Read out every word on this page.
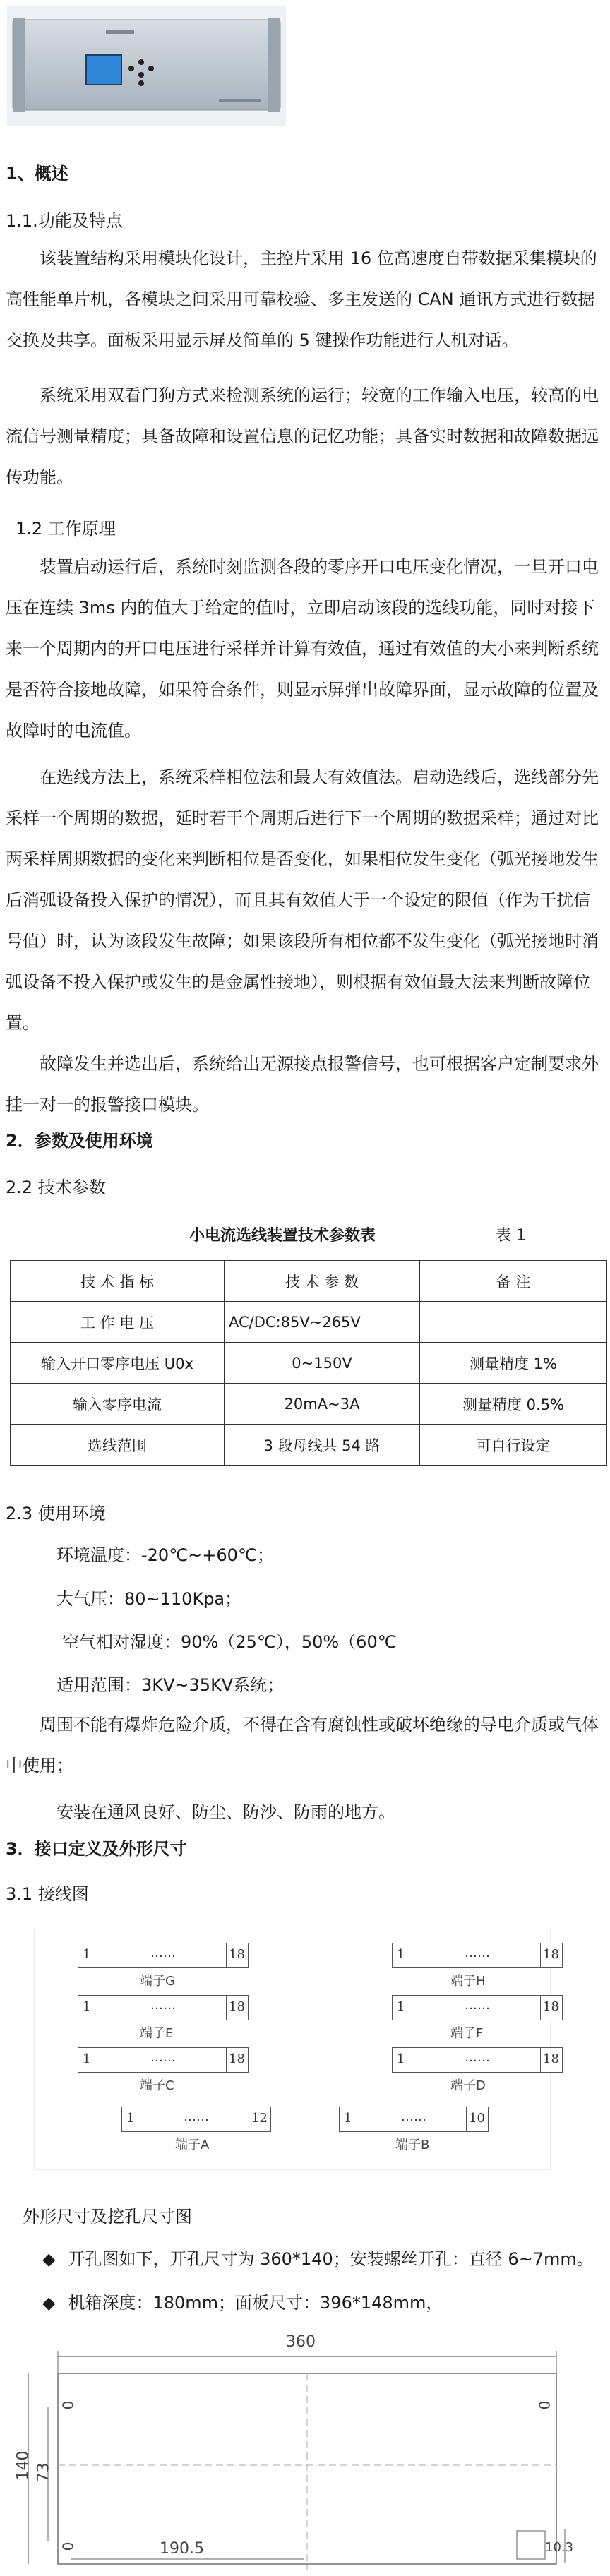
1、概述
1.1.功能及特点

该装置结构采用模块化设计，主控片采用 16 位高速度自带数据采集模块的高性能单片机，各模块之间采用可靠校验、多主发送的 CAN 通讯方式进行数据交换及共享。面板采用显示屏及简单的 5 键操作功能进行人机对话。

系统采用双看门狗方式来检测系统的运行；较宽的工作输入电压，较高的电流信号测量精度；具备故障和设置信息的记忆功能；具备实时数据和故障数据远传功能。

1.2 工作原理

装置启动运行后，系统时刻监测各段的零序开口电压变化情况，一旦开口电压在连续 3ms 内的值大于给定的值时，立即启动该段的选线功能，同时对接下来一个周期内的开口电压进行采样并计算有效值，通过有效值的大小来判断系统是否符合接地故障，如果符合条件，则显示屏弹出故障界面，显示故障的位置及故障时的电流值。

在选线方法上，系统采样相位法和最大有效值法。启动选线后，选线部分先采样一个周期的数据，延时若干个周期后进行下一个周期的数据采样；通过对比两采样周期数据的变化来判断相位是否变化，如果相位发生变化（弧光接地发生后消弧设备投入保护的情况），而且其有效值大于一个设定的限值（作为干扰信号值）时，认为该段发生故障；如果该段所有相位都不发生变化（弧光接地时消弧设备不投入保护或发生的是金属性接地），则根据有效值最大法来判断故障位置。

故障发生并选出后，系统给出无源接点报警信号，也可根据客户定制要求外挂一对一的报警接口模块。

2．参数及使用环境
2.2 技术参数
小电流选线装置技术参数表	表 1
技 术 指 标	技 术 参 数	备 注
工 作 电 压	AC/DC:85V~265V	
输入开口零序电压 U0x	0~150V	测量精度 1%
输入零序电流	20mA~3A	测量精度 0.5%
选线范围	3 段母线共 54 路	可自行设定
2.3 使用环境
环境温度：-20℃~+60℃；
大气压：80~110Kpa；
空气相对湿度：90%（25℃），50%（60℃
适用范围：3KV~35KV系统；

周围不能有爆炸危险介质，不得在含有腐蚀性或破坏绝缘的导电介质或气体中使用；

安装在通风良好、防尘、防沙、防雨的地方。
3．接口定义及外形尺寸
3.1 接线图
1	……	18
端子G
1	……	18
端子H
1	……	18
端子E
1	……	18
端子F
1	……	18
端子C
1	……	18
端子D
1	……	12
端子A
1	……	10
端子B
外形尺寸及挖孔尺寸图
◆ 开孔图如下，开孔尺寸为 360*140；安装螺丝开孔：直径 6~7mm。
◆ 机箱深度：180mm；面板尺寸：396*148mm，
360
140 73
190.5	10.3
0
0
0
